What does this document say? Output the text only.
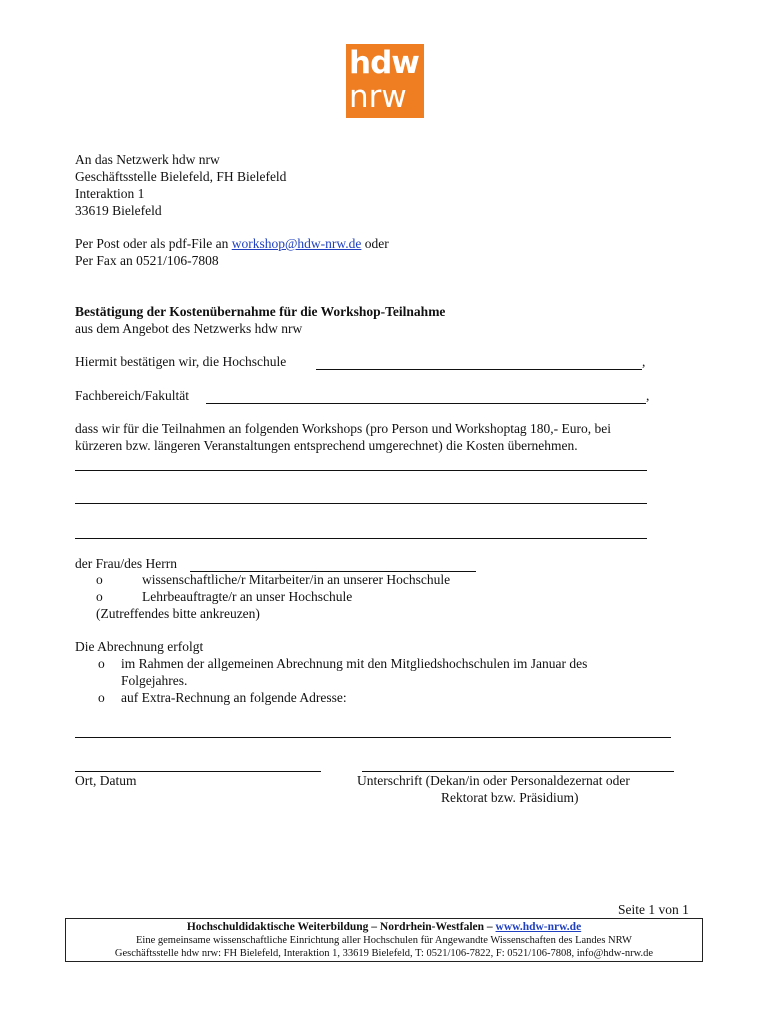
hdw
nrw
An das Netzwerk hdw nrw
Geschäftsstelle Bielefeld, FH Bielefeld
Interaktion 1
33619 Bielefeld
Per Post oder als pdf-File an workshop@hdw-nrw.de oder
Per Fax an 0521/106-7808
Bestätigung der Kostenübernahme für die Workshop-Teilnahme
aus dem Angebot des Netzwerks hdw nrw
Hiermit bestätigen wir, die Hochschule	,
Fachbereich/Fakultät	,
dass wir für die Teilnahmen an folgenden Workshops (pro Person und Workshoptag 180,- Euro, bei
kürzeren bzw. längeren Veranstaltungen entsprechend umgerechnet) die Kosten übernehmen.
der Frau/des Herrn
o	wissenschaftliche/r Mitarbeiter/in an unserer Hochschule
o	Lehrbeauftragte/r an unser Hochschule
(Zutreffendes bitte ankreuzen)
Die Abrechnung erfolgt
o im Rahmen der allgemeinen Abrechnung mit den Mitgliedshochschulen im Januar des
Folgejahres.
o auf Extra-Rechnung an folgende Adresse:
Ort, Datum	Unterschrift (Dekan/in oder Personaldezernat oder
Rektorat bzw. Präsidium)
Seite 1 von 1
Hochschuldidaktische Weiterbildung – Nordrhein-Westfalen – www.hdw-nrw.de
Eine gemeinsame wissenschaftliche Einrichtung aller Hochschulen für Angewandte Wissenschaften des Landes NRW
Geschäftsstelle hdw nrw: FH Bielefeld, Interaktion 1, 33619 Bielefeld, T: 0521/106-7822, F: 0521/106-7808, info@hdw-nrw.de
